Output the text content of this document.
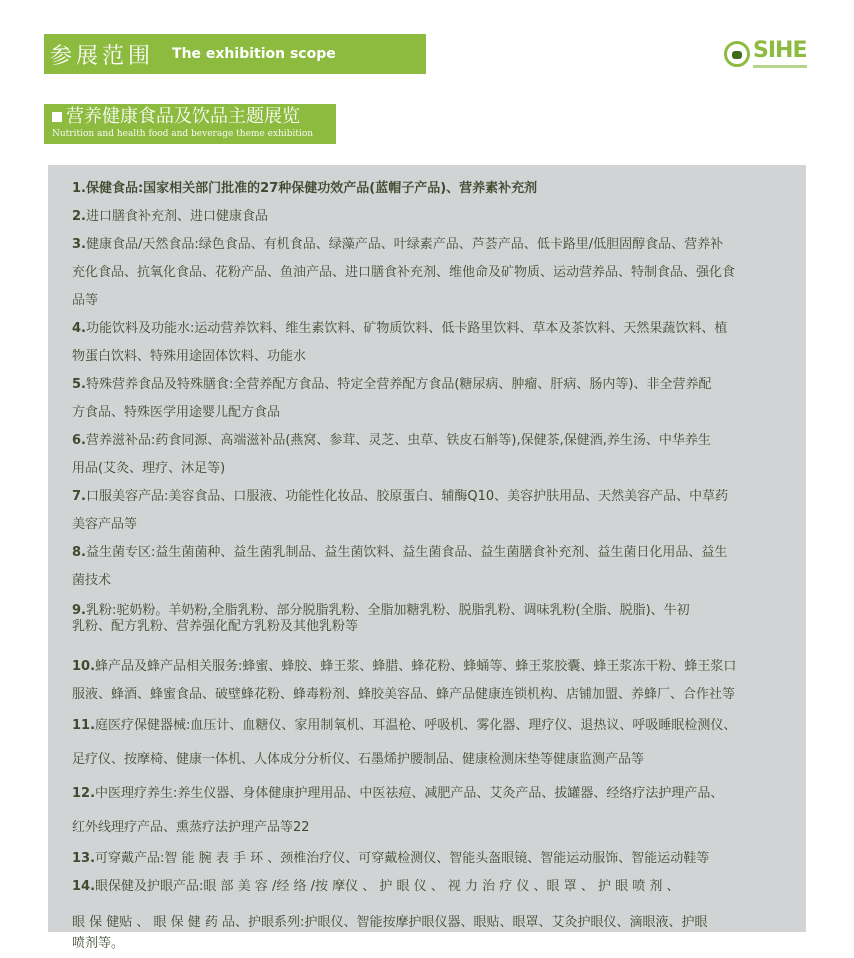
参展范围 The exhibition scope	SIHE
营养健康食品及饮品主题展览
Nutrition and health food and beverage theme exhibition
1.保健食品:国家相关部门批准的27种保健功效产品(蓝帽子产品)、营养素补充剂
2.进口膳食补充剂、进口健康食品
3.健康食品/天然食品:绿色食品、有机食品、绿藻产品、叶绿素产品、芦荟产品、低卡路里/低胆固醇食品、营养补
充化食品、抗氧化食品、花粉产品、鱼油产品、进口膳食补充剂、维他命及矿物质、运动营养品、特制食品、强化食
品等
4.功能饮料及功能水:运动营养饮料、维生素饮料、矿物质饮料、低卡路里饮料、草本及茶饮料、天然果蔬饮料、植
物蛋白饮料、特殊用途固体饮料、功能水
5.特殊营养食品及特殊膳食:全营养配方食品、特定全营养配方食品(糖尿病、肿瘤、肝病、肠内等)、非全营养配
方食品、特殊医学用途婴儿配方食品
6.营养滋补品:药食同源、高端滋补品(燕窝、参茸、灵芝、虫草、铁皮石斛等),保健茶,保健酒,养生汤、中华养生
用品(艾灸、理疗、沐足等)
7.口服美容产品:美容食品、口服液、功能性化妆品、胶原蛋白、辅酶Q10、美容护肤用品、天然美容产品、中草药
美容产品等
8.益生菌专区:益生菌菌种、益生菌乳制品、益生菌饮料、益生菌食品、益生菌膳食补充剂、益生菌日化用品、益生
菌技术
9.乳粉:驼奶粉。羊奶粉,全脂乳粉、部分脱脂乳粉、全脂加糖乳粉、脱脂乳粉、调味乳粉(全脂、脱脂)、牛初
乳粉、配方乳粉、营养强化配方乳粉及其他乳粉等
10.蜂产品及蜂产品相关服务:蜂蜜、蜂胶、蜂王浆、蜂腊、蜂花粉、蜂蛹等、蜂王浆胶囊、蜂王浆冻干粉、蜂王浆口
服液、蜂酒、蜂蜜食品、破壁蜂花粉、蜂毒粉剂、蜂胶美容品、蜂产品健康连锁机构、店铺加盟、养蜂厂、合作社等
11.庭医疗保健器械:血压计、血糖仪、家用制氧机、耳温枪、呼吸机、雾化器、理疗仪、退热议、呼吸睡眠检测仪、
足疗仪、按摩椅、健康一体机、人体成分分析仪、石墨烯护腰制品、健康检测床垫等健康监测产品等
12.中医理疗养生:养生仪器、身体健康护理用品、中医祛痘、减肥产品、艾灸产品、拔罐器、经络疗法护理产品、
红外线理疗产品、熏蒸疗法护理产品等22
13.可穿戴产品:智 能 腕 表 手 环 、颈椎治疗仪、可穿戴检测仪、智能头盔眼镜、智能运动服饰、智能运动鞋等
14.眼保健及护眼产品:眼 部 美 容 /经 络 /按 摩仪 、 护 眼 仪 、 视 力 治 疗 仪 、眼 罩 、 护 眼 喷 剂 、
眼 保 健贴 、 眼 保 健 药 品、护眼系列:护眼仪、智能按摩护眼仪器、眼贴、眼罩、艾灸护眼仪、滴眼液、护眼
喷剂等。
